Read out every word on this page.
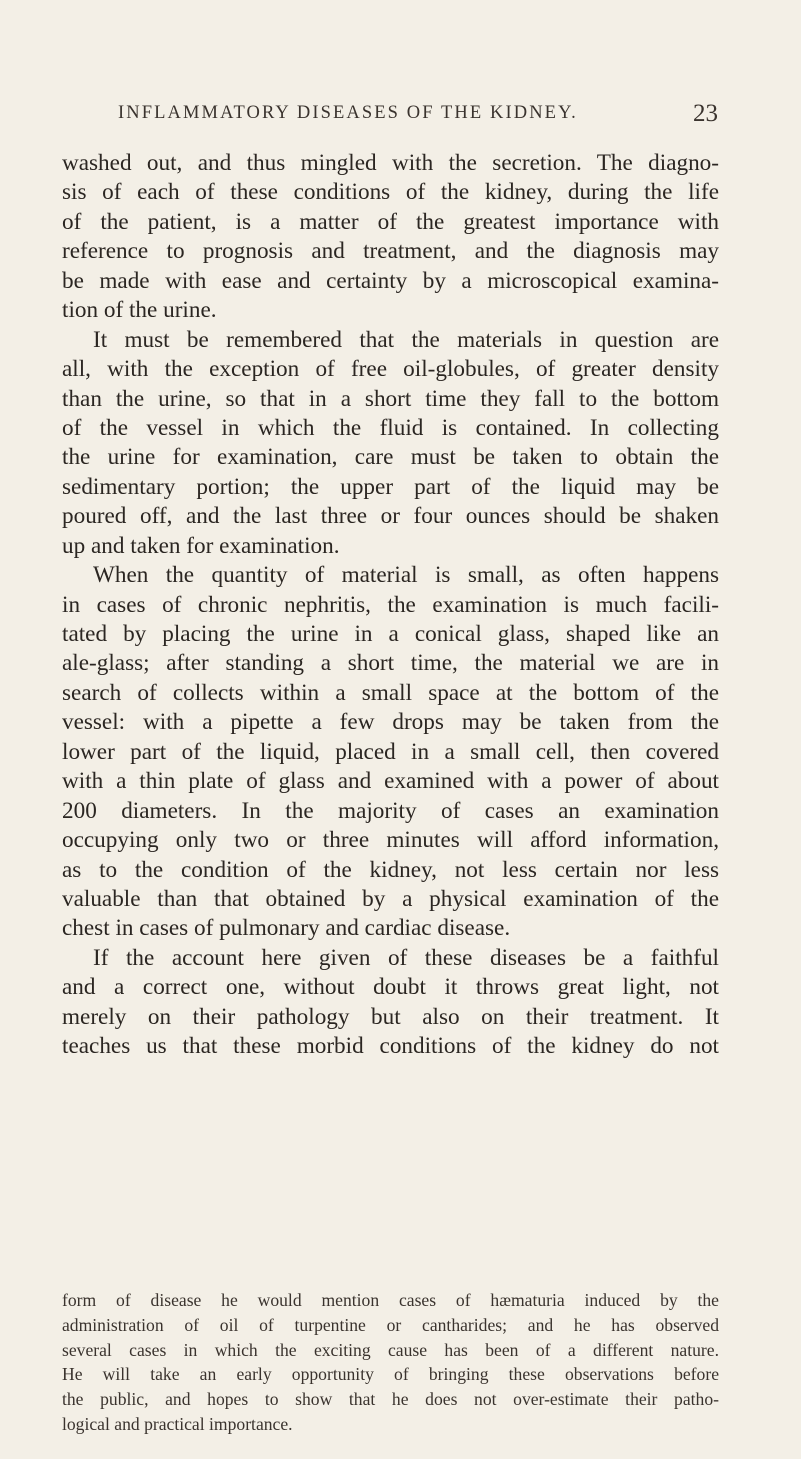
INFLAMMATORY DISEASES OF THE KIDNEY.	23
washed out, and thus mingled with the secretion. The diagno-
sis of each of these conditions of the kidney, during the life
of the patient, is a matter of the greatest importance with
reference to prognosis and treatment, and the diagnosis may
be made with ease and certainty by a microscopical examina-
tion of the urine.
It must be remembered that the materials in question are
all, with the exception of free oil-globules, of greater density
than the urine, so that in a short time they fall to the bottom
of the vessel in which the fluid is contained. In collecting
the urine for examination, care must be taken to obtain the
sedimentary portion; the upper part of the liquid may be
poured off, and the last three or four ounces should be shaken
up and taken for examination.
When the quantity of material is small, as often happens
in cases of chronic nephritis, the examination is much facili-
tated by placing the urine in a conical glass, shaped like an
ale-glass; after standing a short time, the material we are in
search of collects within a small space at the bottom of the
vessel: with a pipette a few drops may be taken from the
lower part of the liquid, placed in a small cell, then covered
with a thin plate of glass and examined with a power of about
200 diameters. In the majority of cases an examination
occupying only two or three minutes will afford information,
as to the condition of the kidney, not less certain nor less
valuable than that obtained by a physical examination of the
chest in cases of pulmonary and cardiac disease.
If the account here given of these diseases be a faithful
and a correct one, without doubt it throws great light, not
merely on their pathology but also on their treatment. It
teaches us that these morbid conditions of the kidney do not
form of disease he would mention cases of hæmaturia induced by the
administration of oil of turpentine or cantharides; and he has observed
several cases in which the exciting cause has been of a different nature.
He will take an early opportunity of bringing these observations before
the public, and hopes to show that he does not over-estimate their patho-
logical and practical importance.
